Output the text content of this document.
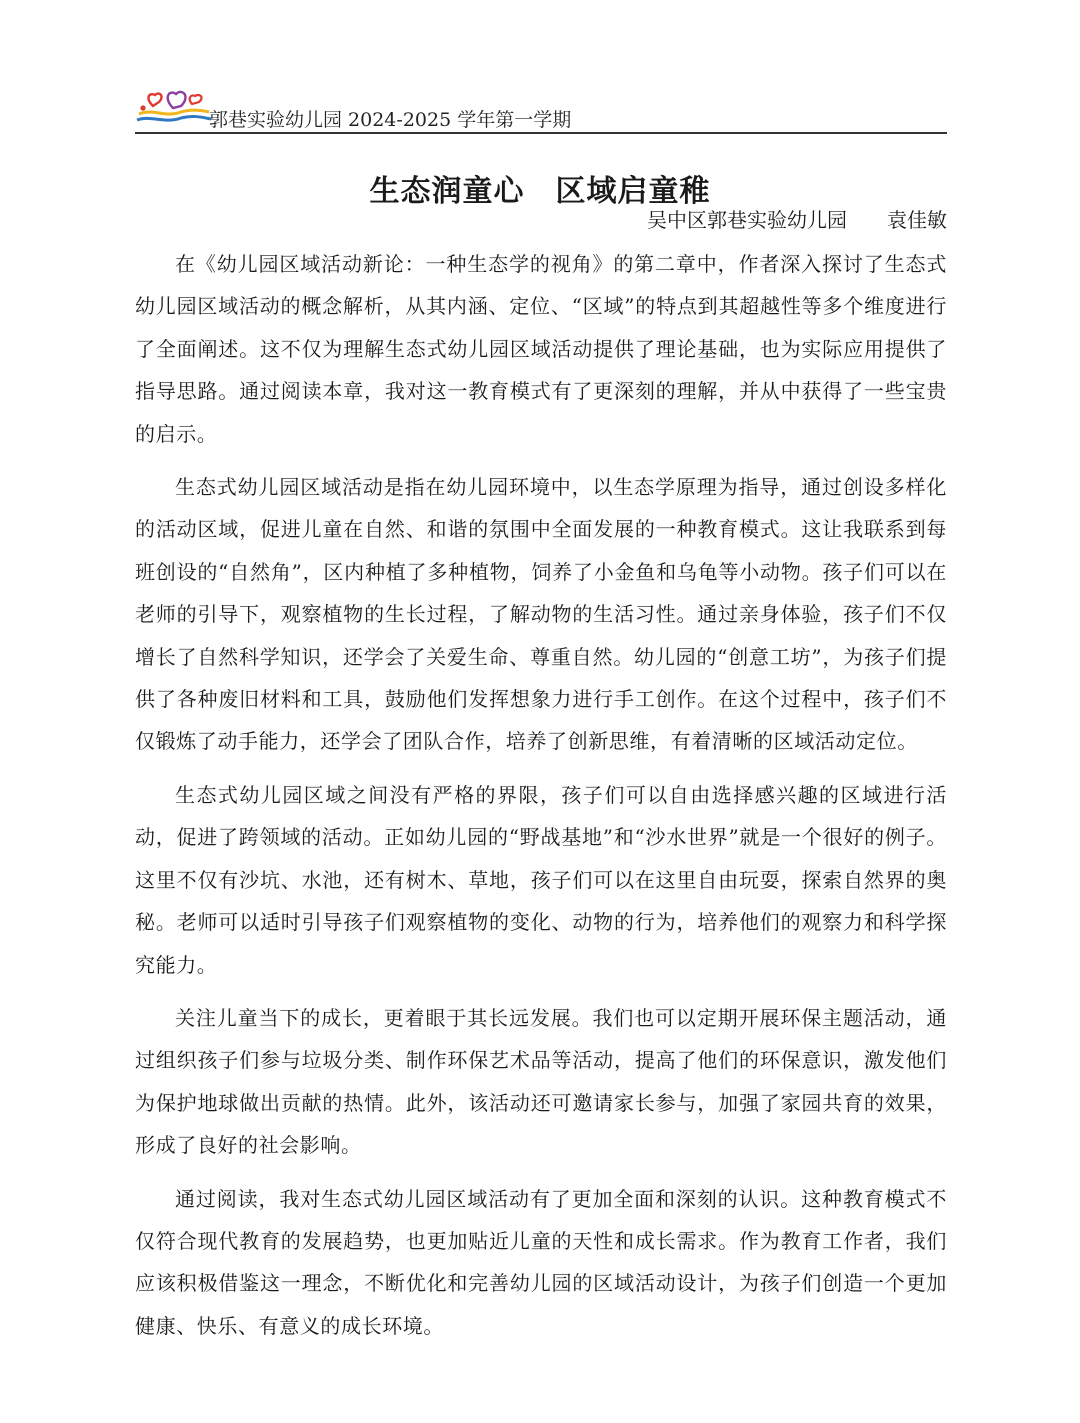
郭巷实验幼儿园 2024-2025 学年第一学期
生态润童心　区域启童稚
吴中区郭巷实验幼儿园　　袁佳敏

在《幼儿园区域活动新论：一种生态学的视角》的第二章中，作者深入探讨了生态式幼儿园区域活动的概念解析，从其内涵、定位、“区域”的特点到其超越性等多个维度进行了全面阐述。这不仅为理解生态式幼儿园区域活动提供了理论基础，也为实际应用提供了指导思路。通过阅读本章，我对这一教育模式有了更深刻的理解，并从中获得了一些宝贵的启示。

生态式幼儿园区域活动是指在幼儿园环境中，以生态学原理为指导，通过创设多样化的活动区域，促进儿童在自然、和谐的氛围中全面发展的一种教育模式。这让我联系到每班创设的“自然角”，区内种植了多种植物，饲养了小金鱼和乌龟等小动物。孩子们可以在老师的引导下，观察植物的生长过程，了解动物的生活习性。通过亲身体验，孩子们不仅增长了自然科学知识，还学会了关爱生命、尊重自然。幼儿园的“创意工坊”，为孩子们提供了各种废旧材料和工具，鼓励他们发挥想象力进行手工创作。在这个过程中，孩子们不仅锻炼了动手能力，还学会了团队合作，培养了创新思维，有着清晰的区域活动定位。

生态式幼儿园区域之间没有严格的界限，孩子们可以自由选择感兴趣的区域进行活动，促进了跨领域的活动。正如幼儿园的“野战基地”和“沙水世界”就是一个很好的例子。这里不仅有沙坑、水池，还有树木、草地，孩子们可以在这里自由玩耍，探索自然界的奥秘。老师可以适时引导孩子们观察植物的变化、动物的行为，培养他们的观察力和科学探究能力。

关注儿童当下的成长，更着眼于其长远发展。我们也可以定期开展环保主题活动，通过组织孩子们参与垃圾分类、制作环保艺术品等活动，提高了他们的环保意识，激发他们为保护地球做出贡献的热情。此外，该活动还可邀请家长参与，加强了家园共育的效果，形成了良好的社会影响。

通过阅读，我对生态式幼儿园区域活动有了更加全面和深刻的认识。这种教育模式不仅符合现代教育的发展趋势，也更加贴近儿童的天性和成长需求。作为教育工作者，我们应该积极借鉴这一理念，不断优化和完善幼儿园的区域活动设计，为孩子们创造一个更加健康、快乐、有意义的成长环境。
